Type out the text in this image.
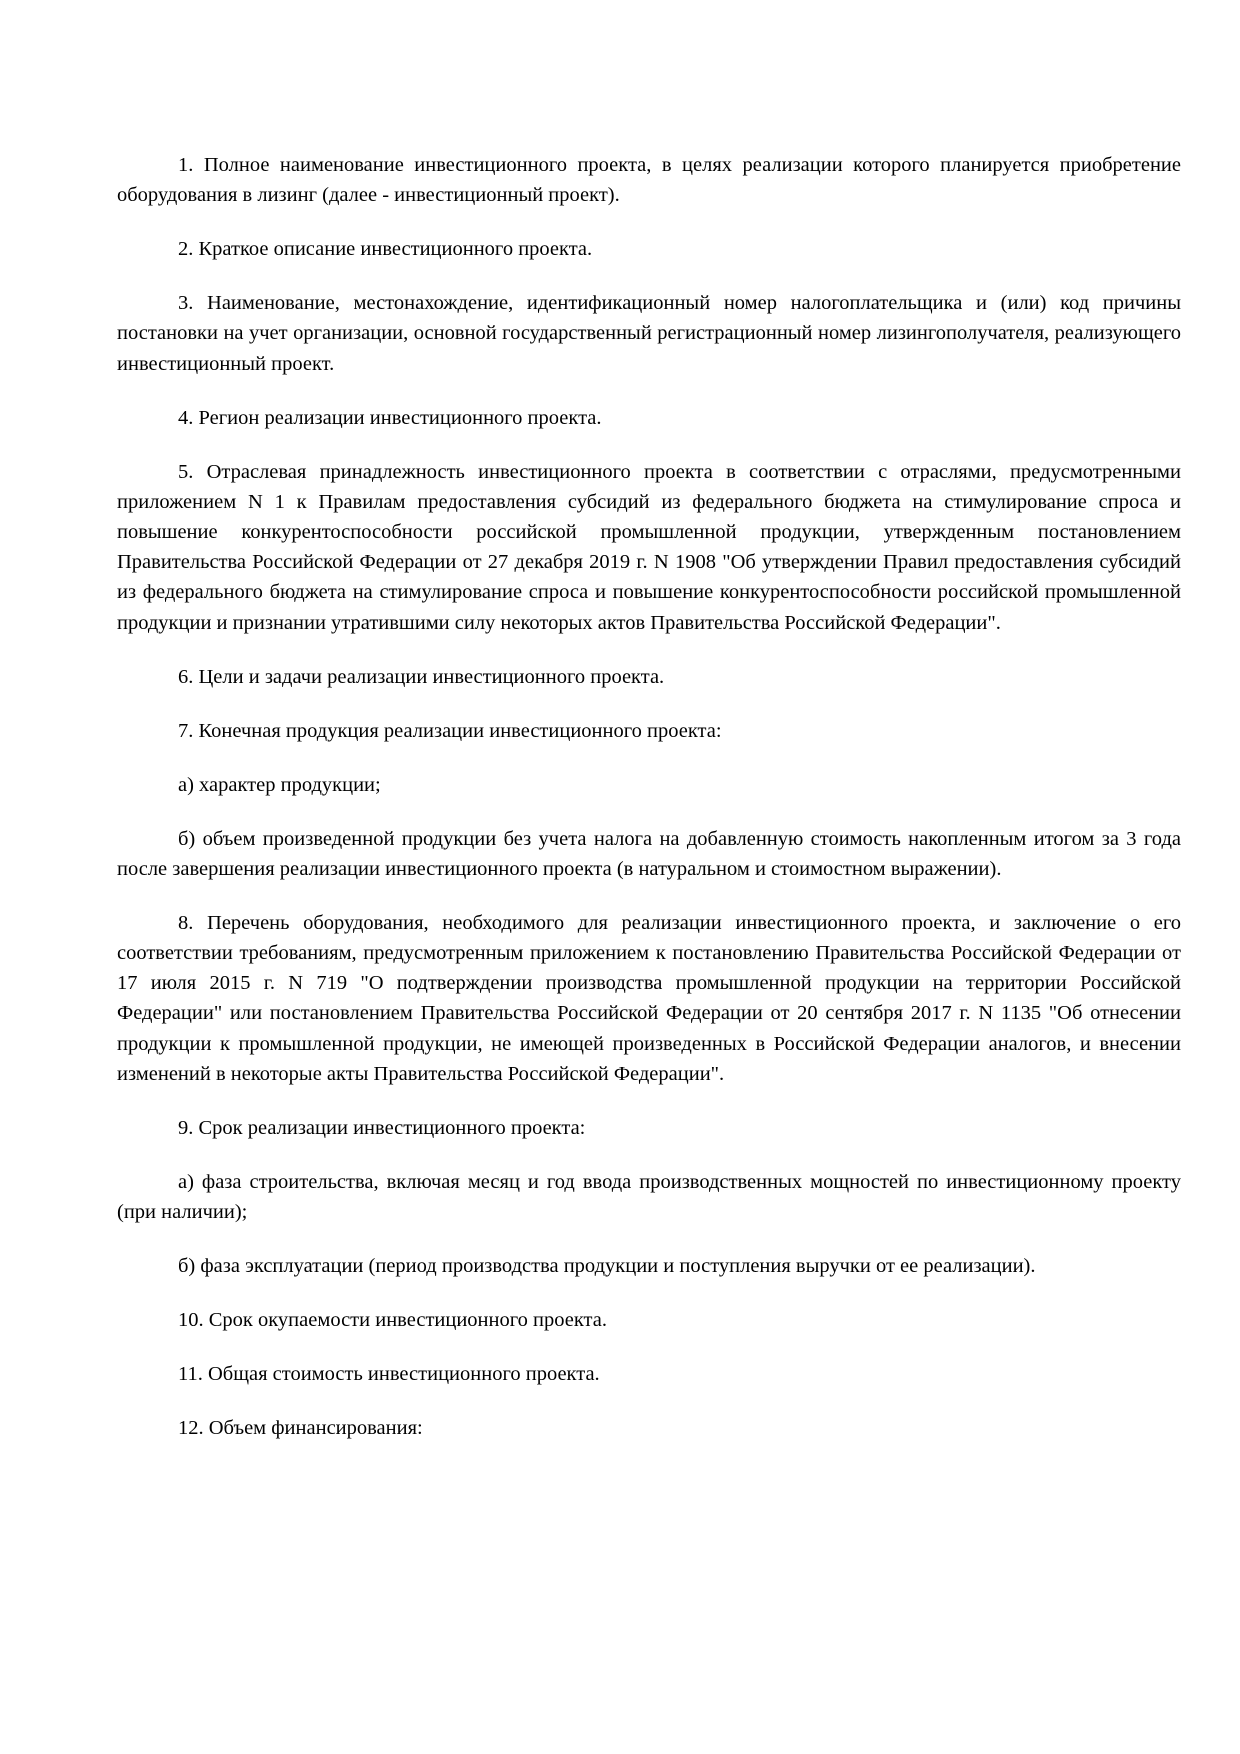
1. Полное наименование инвестиционного проекта, в целях реализации которого планируется приобретение оборудования в лизинг (далее - инвестиционный проект).

2. Краткое описание инвестиционного проекта.

3. Наименование, местонахождение, идентификационный номер налогоплательщика и (или) код причины постановки на учет организации, основной государственный регистрационный номер лизингополучателя, реализующего инвестиционный проект.

4. Регион реализации инвестиционного проекта.

5. Отраслевая принадлежность инвестиционного проекта в соответствии с отраслями, предусмотренными приложением N 1 к Правилам предоставления субсидий из федерального бюджета на стимулирование спроса и повышение конкурентоспособности российской промышленной продукции, утвержденным постановлением Правительства Российской Федерации от 27 декабря 2019 г. N 1908 "Об утверждении Правил предоставления субсидий из федерального бюджета на стимулирование спроса и повышение конкурентоспособности российской промышленной продукции и признании утратившими силу некоторых актов Правительства Российской Федерации".

6. Цели и задачи реализации инвестиционного проекта.

7. Конечная продукция реализации инвестиционного проекта:

а) характер продукции;

б) объем произведенной продукции без учета налога на добавленную стоимость накопленным итогом за 3 года после завершения реализации инвестиционного проекта (в натуральном и стоимостном выражении).

8. Перечень оборудования, необходимого для реализации инвестиционного проекта, и заключение о его соответствии требованиям, предусмотренным приложением к постановлению Правительства Российской Федерации от 17 июля 2015 г. N 719 "О подтверждении производства промышленной продукции на территории Российской Федерации" или постановлением Правительства Российской Федерации от 20 сентября 2017 г. N 1135 "Об отнесении продукции к промышленной продукции, не имеющей произведенных в Российской Федерации аналогов, и внесении изменений в некоторые акты Правительства Российской Федерации".

9. Срок реализации инвестиционного проекта:

а) фаза строительства, включая месяц и год ввода производственных мощностей по инвестиционному проекту (при наличии);

б) фаза эксплуатации (период производства продукции и поступления выручки от ее реализации).

10. Срок окупаемости инвестиционного проекта.

11. Общая стоимость инвестиционного проекта.

12. Объем финансирования:
